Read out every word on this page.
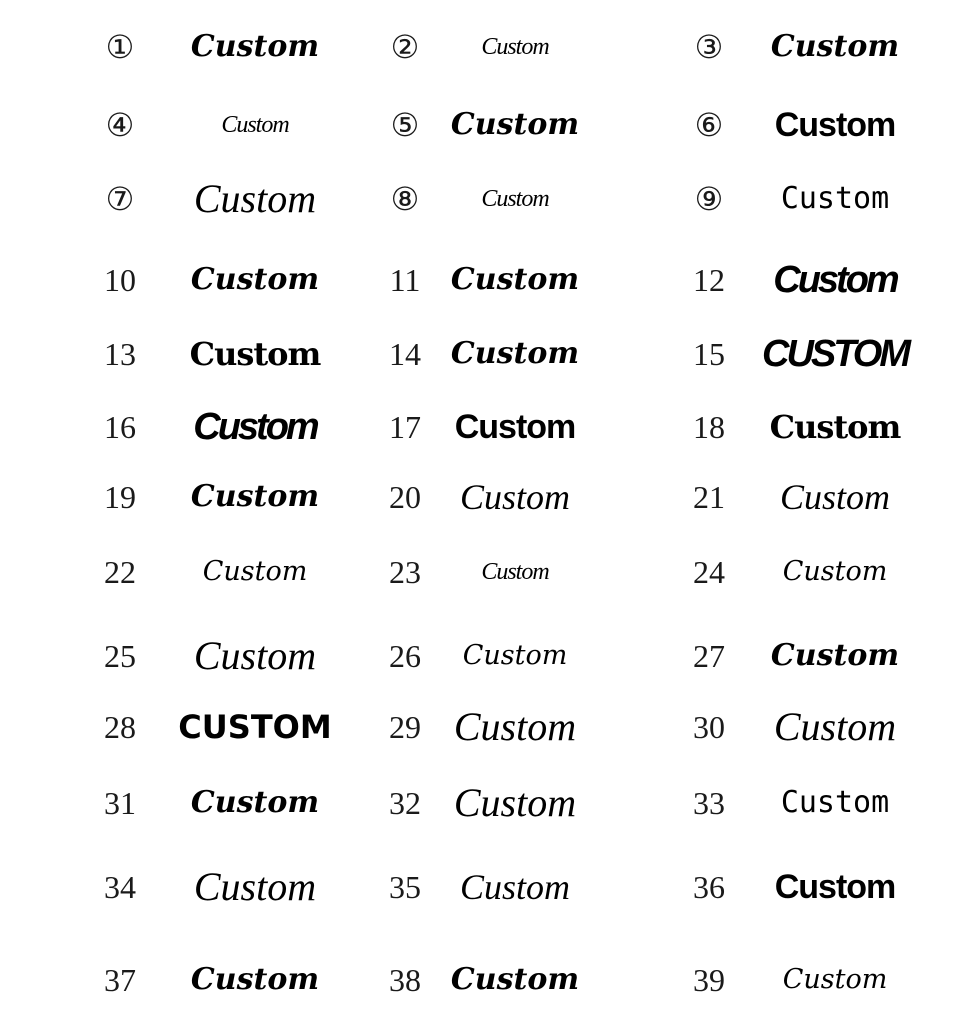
①	Custom	②	Custom	③	Custom
④	Custom	⑤	Custom	⑥	Custom
⑦	Custom	⑧	Custom	⑨	Custom
10	Custom	11	Custom	12	Custom
13	Custom	14 Custom	15 CUSTOM
16	Custom	17 Custom	18	Custom
19	Custom	20	Custom	21	Custom
22	Custom	23	Custom	24	Custom
25	Custom	26	Custom	27	Custom
28	CUSTOM	29 Custom	30	Custom
31	Custom	32 Custom	33	Custom
34	Custom	35	Custom	36	Custom
37	Custom	38 Custom	39	Custom
